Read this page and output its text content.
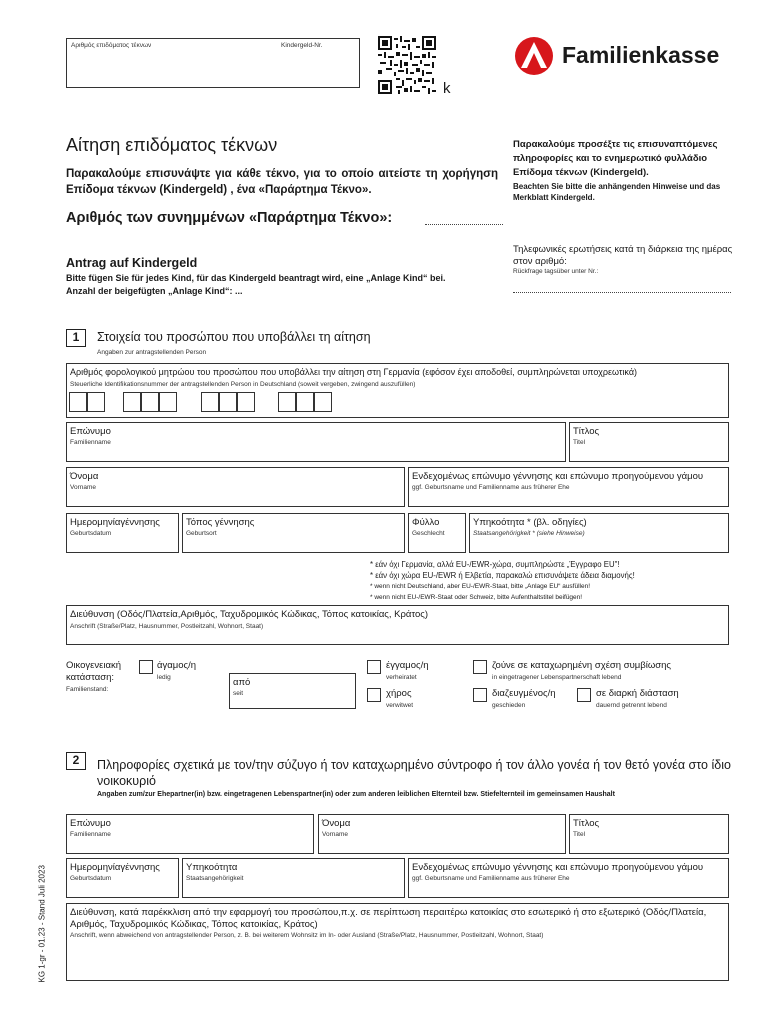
Αριθμός επιδόματος τέκνων	Kindergeld-Nr.
k
Familienkasse
Αίτηση επιδόματος τέκνων
Παρακαλούμε επισυνάψτε για κάθε τέκνο, για το οποίο αιτείστε τη χορήγηση Επίδομα τέκνων (Kindergeld) , ένα «Παράρτημα Τέκνο».
Αριθμός των συνημμένων «Παράρτημα Τέκνο»:
Παρακαλούμε προσέξτε τις επισυναπτόμενες πληροφορίες και το ενημερωτικό φυλλάδιο Επίδομα τέκνων (Kindergeld).
Beachten Sie bitte die anhängenden Hinweise und das Merkblatt Kindergeld.
Antrag auf Kindergeld
Bitte fügen Sie für jedes Kind, für das Kindergeld beantragt wird, eine „Anlage Kind“ bei.
Anzahl der beigefügten „Anlage Kind“: ...
Τηλεφωνικές ερωτήσεις κατά τη διάρκεια της ημέρας στον αριθμό:
Rückfrage tagsüber unter Nr.:
1	Στοιχεία του προσώπου που υποβάλλει τη αίτηση
Angaben zur antragstellenden Person
Αριθμός φορολογικού μητρώου του προσώπου που υποβάλλει την αίτηση στη Γερμανία (εφόσον έχει αποδοθεί, συμπληρώνεται υποχρεωτικά)
Steuerliche Identifikationsnummer der antragstellenden Person in Deutschland (soweit vergeben, zwingend auszufüllen)
Επώνυμο
Familienname
Τίτλος
Titel
Όνομα
Vorname
Ενδεχομένως επώνυμο γέννησης και επώνυμο προηγούμενου γάμου
ggf. Geburtsname und Familienname aus früherer Ehe
Ημερομηνίαγέννησης
Geburtsdatum
Τόπος γέννησης
Geburtsort
Φύλλο
Geschlecht
Υπηκοότητα * (βλ. οδηγίες)
Staatsangehörigkeit * (siehe Hinweise)
* εάν όχι Γερμανία, αλλά EU-/EWR-χώρα, συμπληρώστε „Έγγραφο EU"!
* εάν όχι χώρα EU-/EWR ή Ελβετία, παρακαλώ επισυνάψετε άδεια διαμονής!
* wenn nicht Deutschland, aber EU-/EWR-Staat, bitte „Anlage EU“ ausfüllen!
* wenn nicht EU-/EWR-Staat oder Schweiz, bitte Aufenthaltstitel beifügen!
Διεύθυνση (Οδός/Πλατεία,Αριθμός, Ταχυδρομικός Κώδικας, Τόπος κατοικίας, Κράτος)
Anschrift (Straße/Platz, Hausnummer, Postleitzahl, Wohnort, Staat)
Οικογενειακή κατάσταση:
Familienstand:
άγαμος/η
ledig	από
seit
έγγαμος/η
verheiratet
ζούνε σε καταχωρημένη σχέση συμβίωσης
in eingetragener Lebenspartnerschaft lebend
χήρος
verwitwet
διαζευγμένος/η
geschieden
σε διαρκή διάσταση
dauernd getrennt lebend
2	Πληροφορίες σχετικά με τον/την σύζυγο ή τον καταχωρημένο σύντροφο ή τον άλλο γονέα ή τον θετό γονέα στο ίδιο νοικοκυριό
Angaben zum/zur Ehepartner(in) bzw. eingetragenen Lebenspartner(in) oder zum anderen leiblichen Elternteil bzw. Stiefelternteil im gemeinsamen Haushalt
Επώνυμο
Familienname
Όνομα
Vorname
Τίτλος
Titel
Ημερομηνίαγέννησης
Geburtsdatum
Υπηκοότητα
Staatsangehörigkeit
Ενδεχομένως επώνυμο γέννησης και επώνυμο προηγούμενου γάμου
ggf. Geburtsname und Familienname aus früherer Ehe
Διεύθυνση, κατά παρέκκλιση από την εφαρμογή του προσώπου,π.χ. σε περίπτωση περαιτέρω κατοικίας στο εσωτερικό ή στο εξωτερικό (Οδός/Πλατεία, Αριθμός, Ταχυδρομικός Κώδικας, Τόπος κατοικίας, Κράτος)
Anschrift, wenn abweichend von antragstellender Person, z. B. bei weiterem Wohnsitz im In- oder Ausland (Straße/Platz, Hausnummer, Postleitzahl, Wohnort, Staat)
KG 1-gr - 01.23 - Stand Juli 2023
